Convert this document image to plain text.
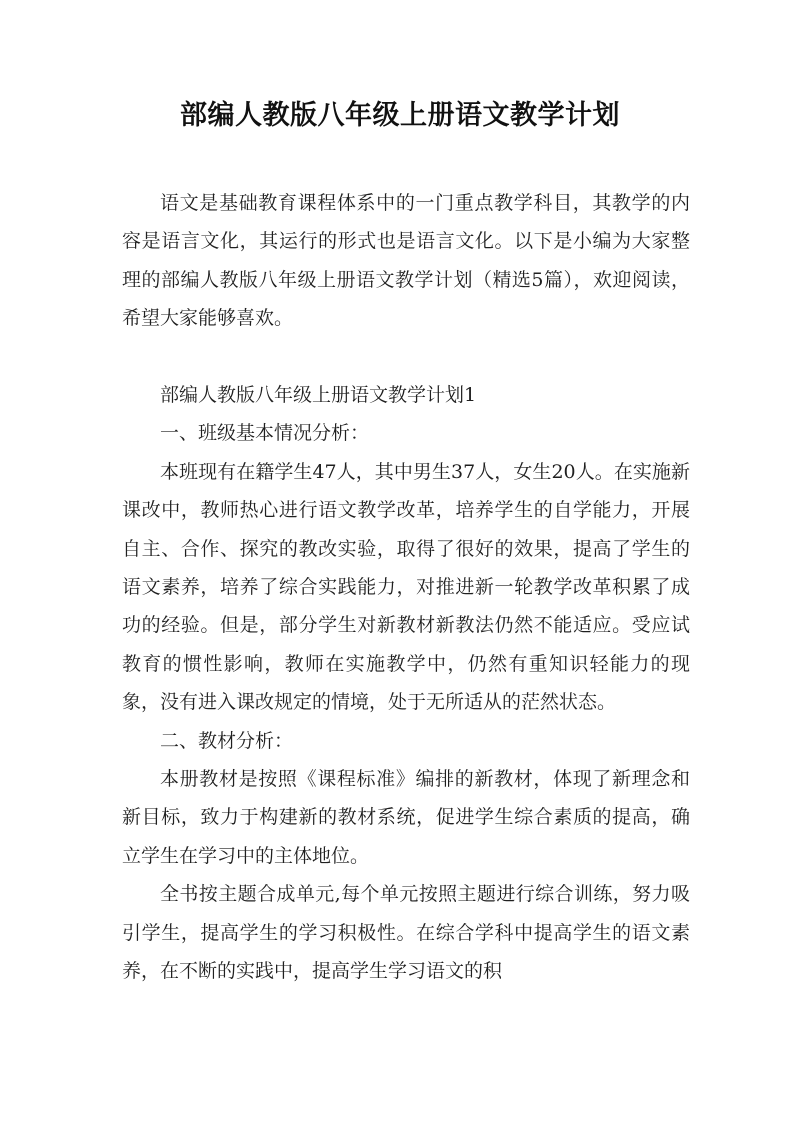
部编人教版八年级上册语文教学计划

语文是基础教育课程体系中的一门重点教学科目，其教学的内容是语言文化，其运行的形式也是语言文化。以下是小编为大家整理的部编人教版八年级上册语文教学计划（精选5篇），欢迎阅读，希望大家能够喜欢。

部编人教版八年级上册语文教学计划1

一、班级基本情况分析：

本班现有在籍学生47人，其中男生37人，女生20人。在实施新课改中，教师热心进行语文教学改革，培养学生的自学能力，开展自主、合作、探究的教改实验，取得了很好的效果，提高了学生的语文素养，培养了综合实践能力，对推进新一轮教学改革积累了成功的经验。但是，部分学生对新教材新教法仍然不能适应。受应试教育的惯性影响，教师在实施教学中，仍然有重知识轻能力的现象，没有进入课改规定的情境，处于无所适从的茫然状态。

二、教材分析：

本册教材是按照《课程标准》编排的新教材，体现了新理念和新目标，致力于构建新的教材系统，促进学生综合素质的提高，确立学生在学习中的主体地位。

全书按主题合成单元,每个单元按照主题进行综合训练，努力吸引学生，提高学生的学习积极性。在综合学科中提高学生的语文素养，在不断的实践中，提高学生学习语文的积
